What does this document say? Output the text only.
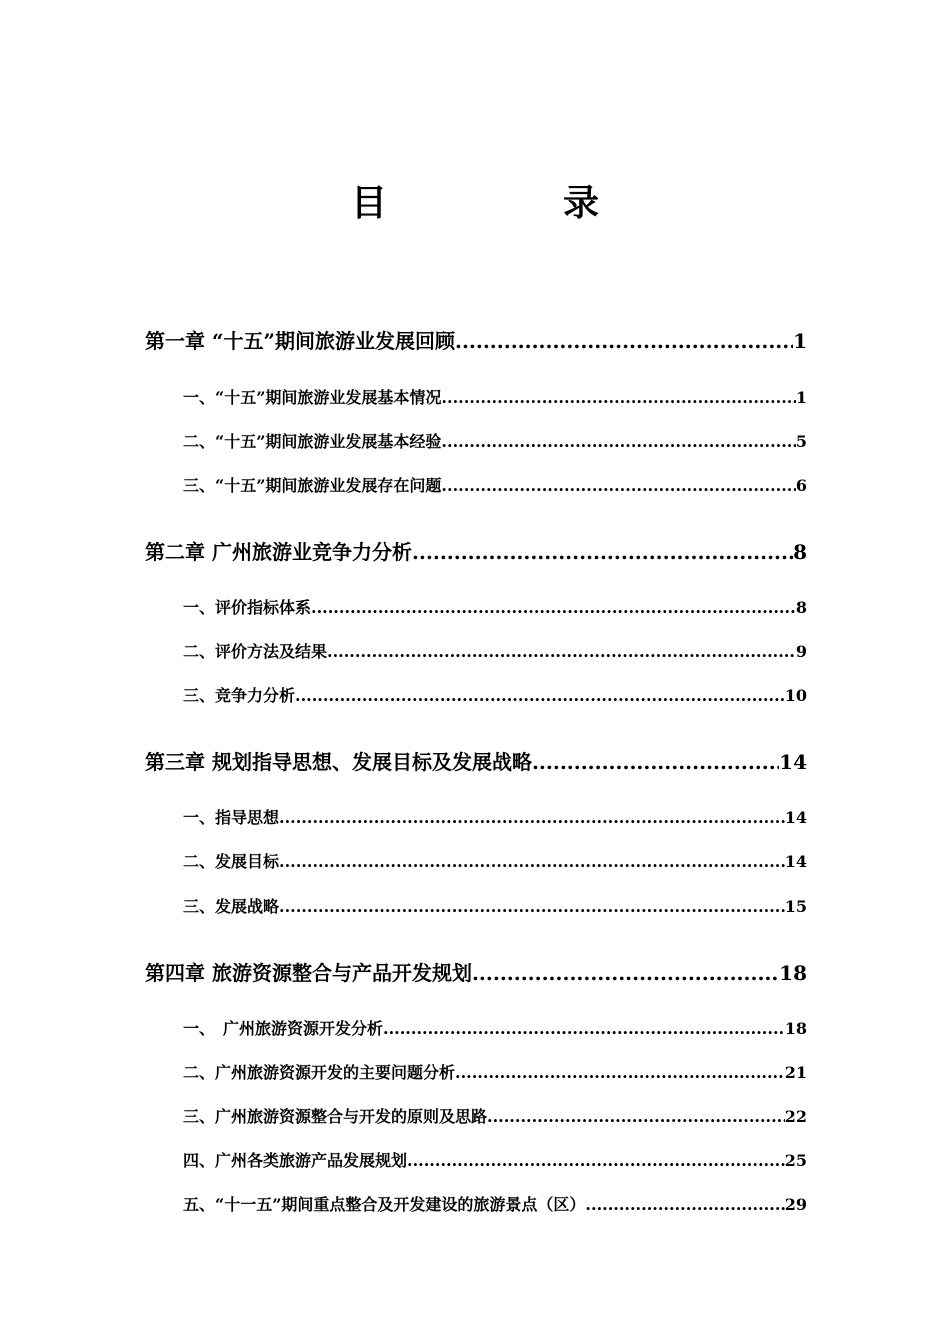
目　录
第一章 “十五”期间旅游业发展回顾 .....	1
一、“十五”期间旅游业发展基本情况 .....	1
二、“十五”期间旅游业发展基本经验 .....	5
三、“十五”期间旅游业发展存在问题 .....	6
第二章 广州旅游业竞争力分析 .....	8
一、评价指标体系 .....	8
二、评价方法及结果 .....	9
三、竞争力分析 .....	10
第三章 规划指导思想、发展目标及发展战略 .....	14
一、指导思想 .....	14
二、发展目标 .....	14
三、发展战略 .....	15
第四章 旅游资源整合与产品开发规划 .....	18
一、　广州旅游资源开发分析 .....	18
二、广州旅游资源开发的主要问题分析 .....	21
三、广州旅游资源整合与开发的原则及思路 .....	22
四、广州各类旅游产品发展规划 .....	25
五、“十一五”期间重点整合及开发建设的旅游景点（区） .....	29
